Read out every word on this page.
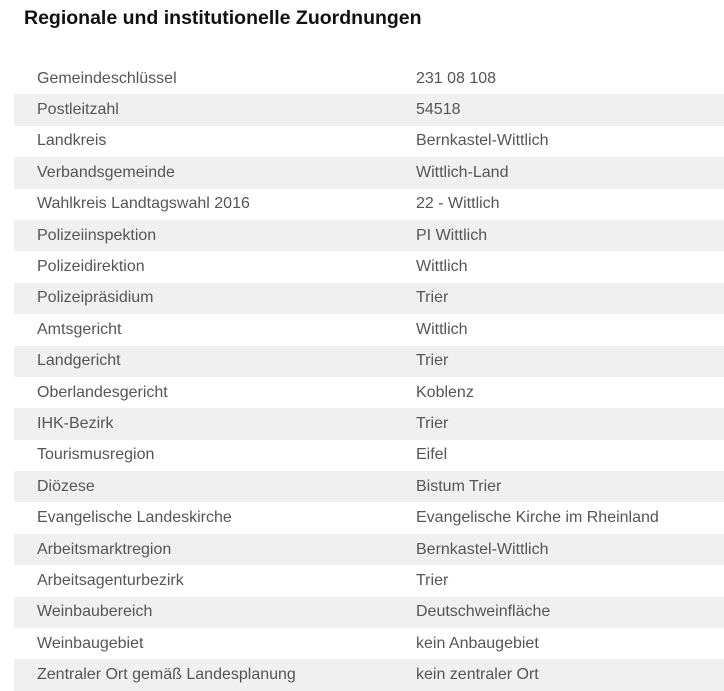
Regionale und institutionelle Zuordnungen
Gemeindeschlüssel	231 08 108
Postleitzahl	54518
Landkreis	Bernkastel-Wittlich
Verbandsgemeinde	Wittlich-Land
Wahlkreis Landtagswahl 2016	22 - Wittlich
Polizeiinspektion	PI Wittlich
Polizeidirektion	Wittlich
Polizeipräsidium	Trier
Amtsgericht	Wittlich
Landgericht	Trier
Oberlandesgericht	Koblenz
IHK-Bezirk	Trier
Tourismusregion	Eifel
Diözese	Bistum Trier
Evangelische Landeskirche	Evangelische Kirche im Rheinland
Arbeitsmarktregion	Bernkastel-Wittlich
Arbeitsagenturbezirk	Trier
Weinbaubereich	Deutschweinfläche
Weinbaugebiet	kein Anbaugebiet
Zentraler Ort gemäß Landesplanung	kein zentraler Ort
